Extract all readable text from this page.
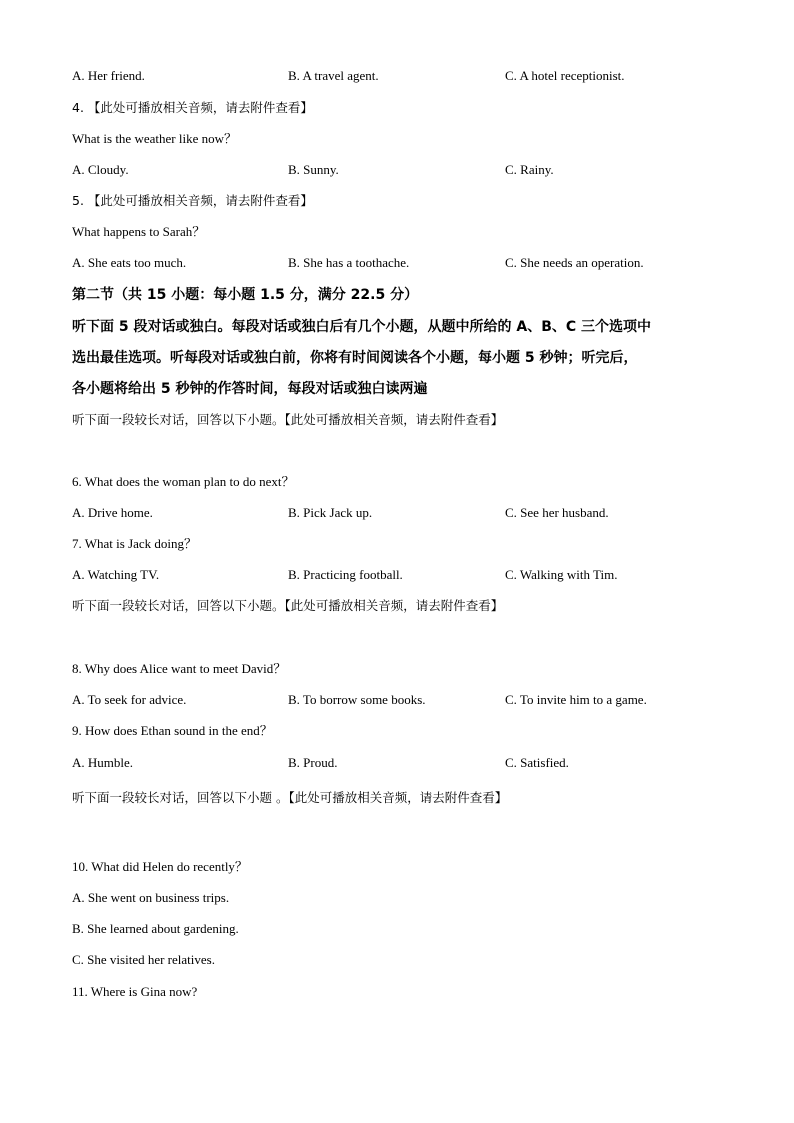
A. Her friend.	B. A travel agent.	C. A hotel receptionist.
4. 【此处可播放相关音频，请去附件查看】
What is the weather like now？
A. Cloudy.	B. Sunny.	C. Rainy.
5. 【此处可播放相关音频，请去附件查看】
What happens to Sarah？
A. She eats too much.	B. She has a toothache.	C. She needs an operation.
第二节（共 15 小题：每小题 1.5 分，满分 22.5 分）
听下面 5 段对话或独白。每段对话或独白后有几个小题，从题中所给的 A、B、C 三个选项中
选出最佳选项。听每段对话或独白前，你将有时间阅读各个小题，每小题 5 秒钟；听完后，
各小题将给出 5 秒钟的作答时间，每段对话或独白读两遍
听下面一段较长对话，回答以下小题。【此处可播放相关音频，请去附件查看】
6. What does the woman plan to do next？
A. Drive home.	B. Pick Jack up.	C. See her husband.
7. What is Jack doing？
A. Watching TV.	B. Practicing football.	C. Walking with Tim.
听下面一段较长对话，回答以下小题。【此处可播放相关音频，请去附件查看】
8. Why does Alice want to meet David？
A. To seek for advice.	B. To borrow some books.	C. To invite him to a game.
9. How does Ethan sound in the end？
A. Humble.	B. Proud.	C. Satisfied.
听下面一段较长对话，回答以下小题 。【此处可播放相关音频，请去附件查看】
10. What did Helen do recently？
A. She went on business trips.
B. She learned about gardening.
C. She visited her relatives.
11. Where is Gina now?
